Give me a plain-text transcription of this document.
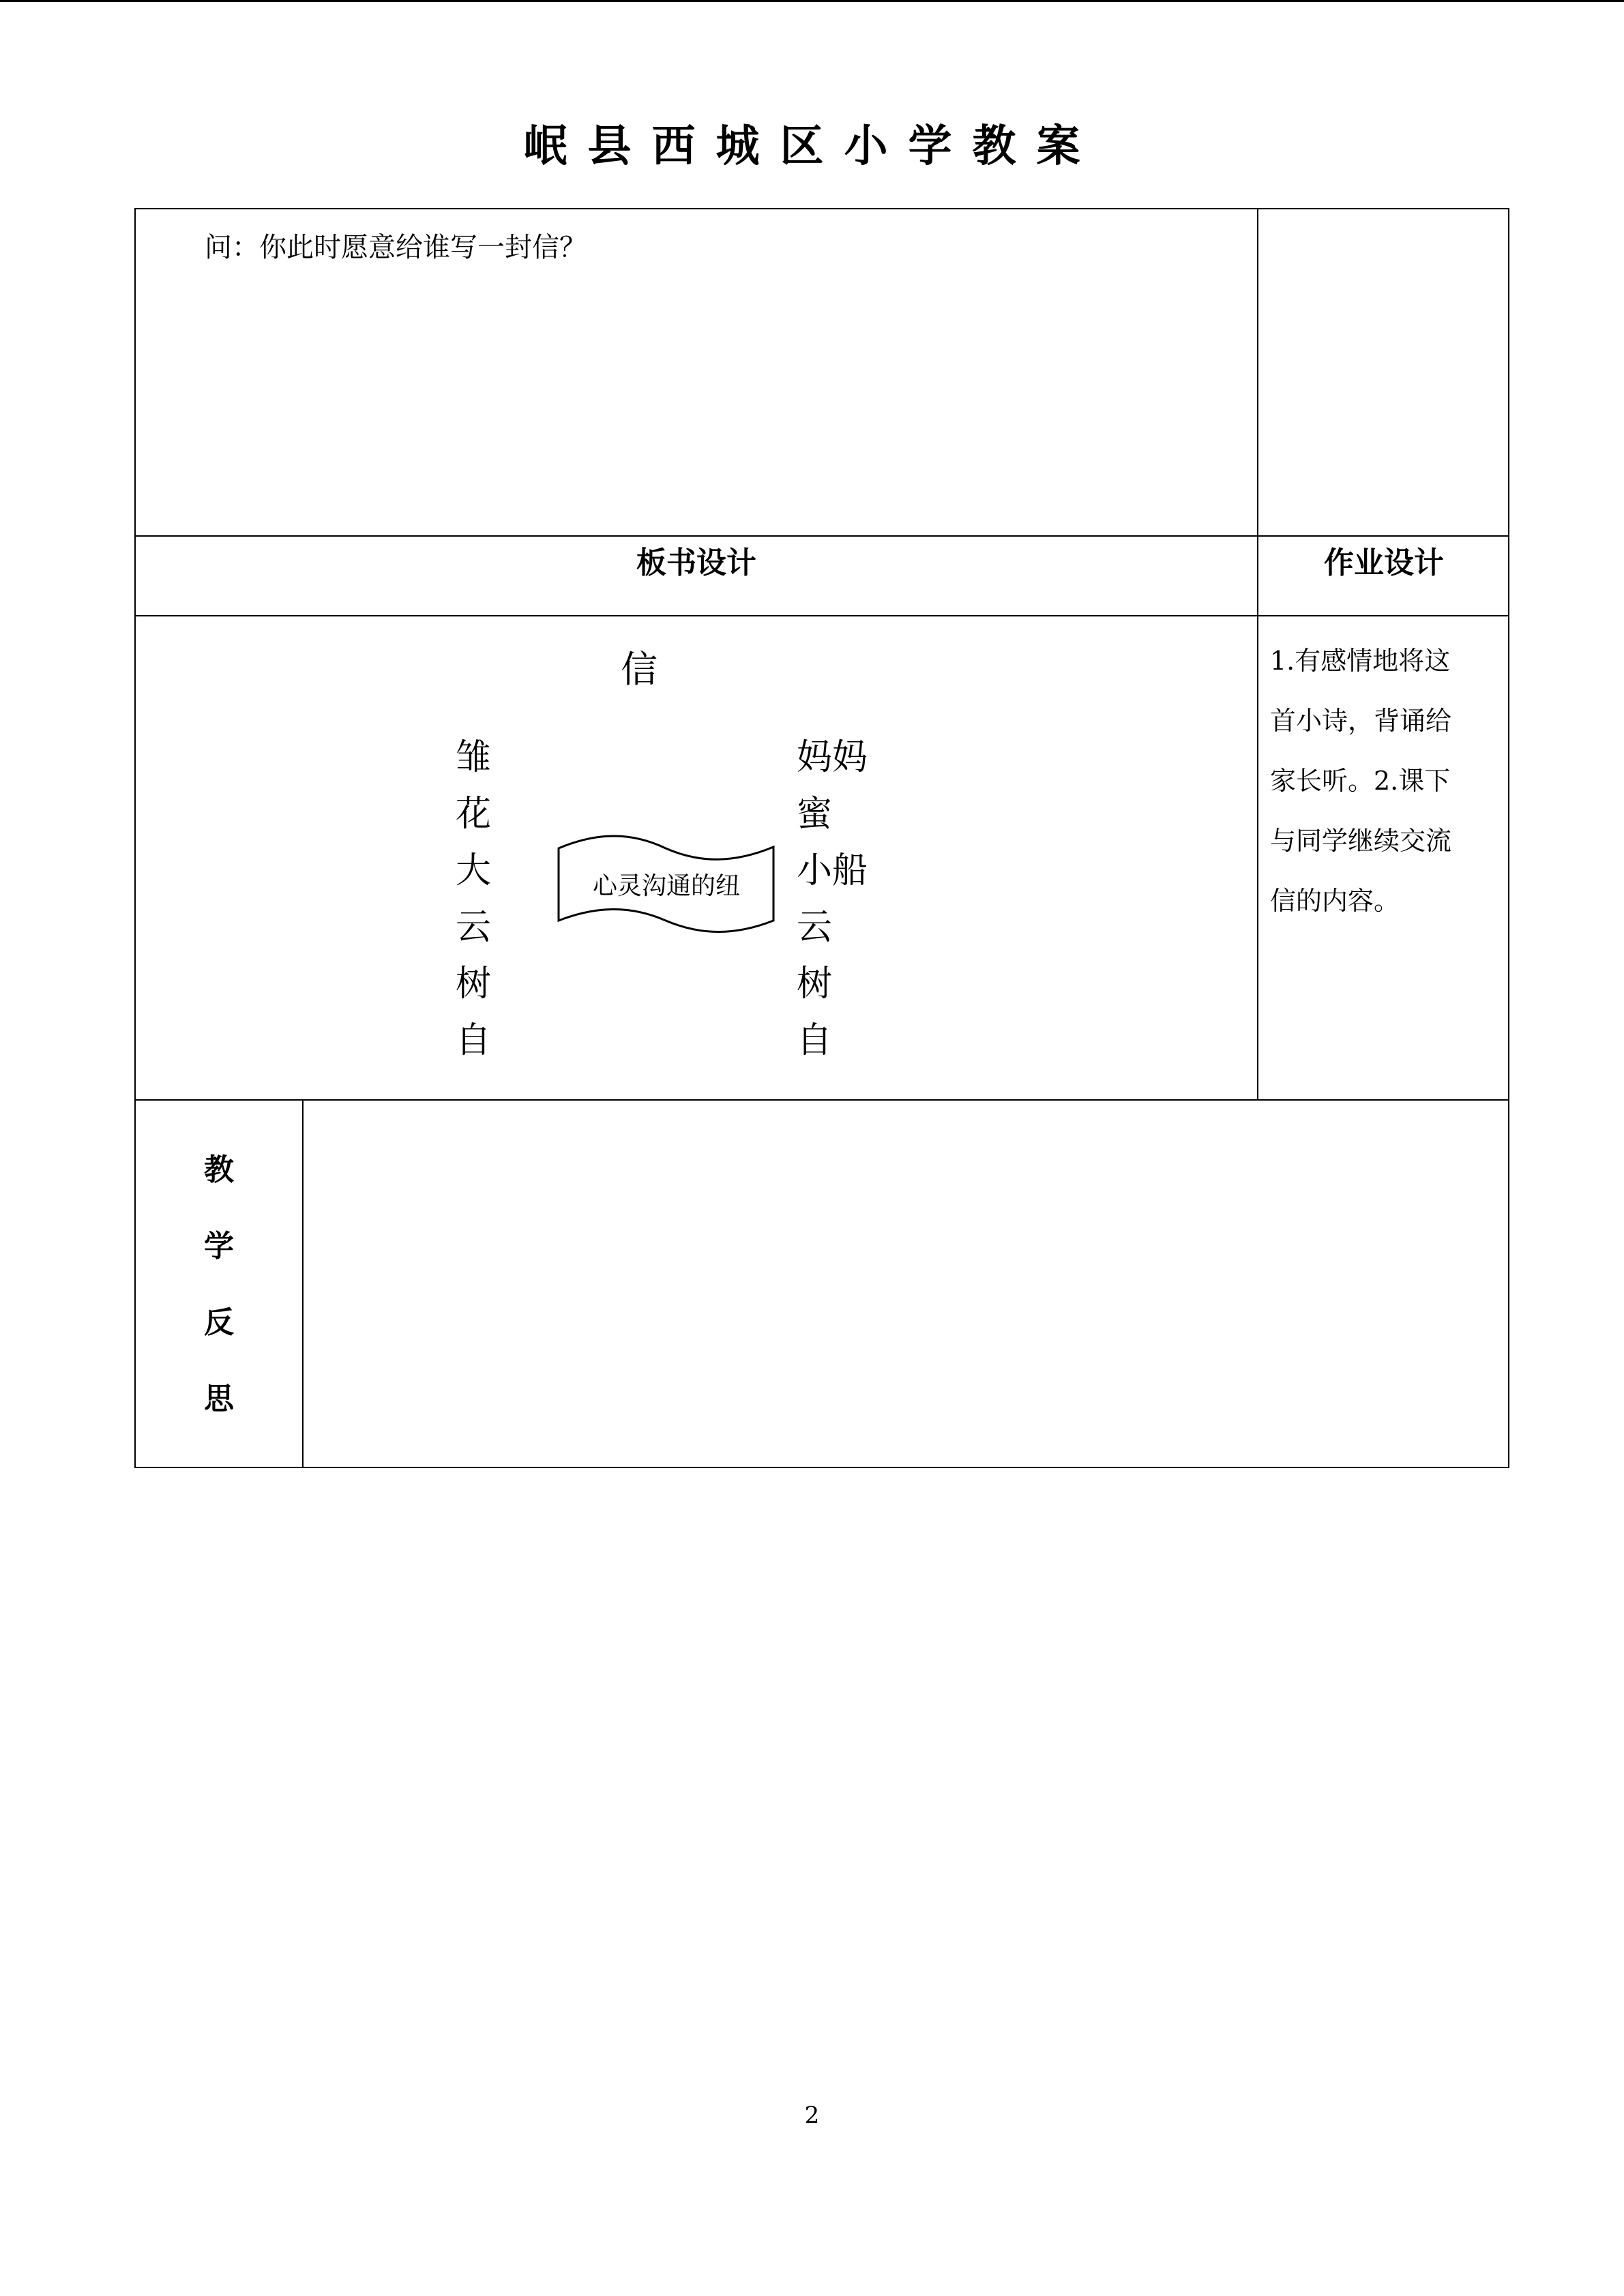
岷县西城区小学教案
问：你此时愿意给谁写一封信？
板书设计	作业设计
信
雏
花
大
云
树
自
妈妈
蜜
小船
云
树
自
心灵沟通的纽
1.有感情地将这
首小诗，背诵给
家长听。2.课下
与同学继续交流
信的内容。
教
学
反
思
2
